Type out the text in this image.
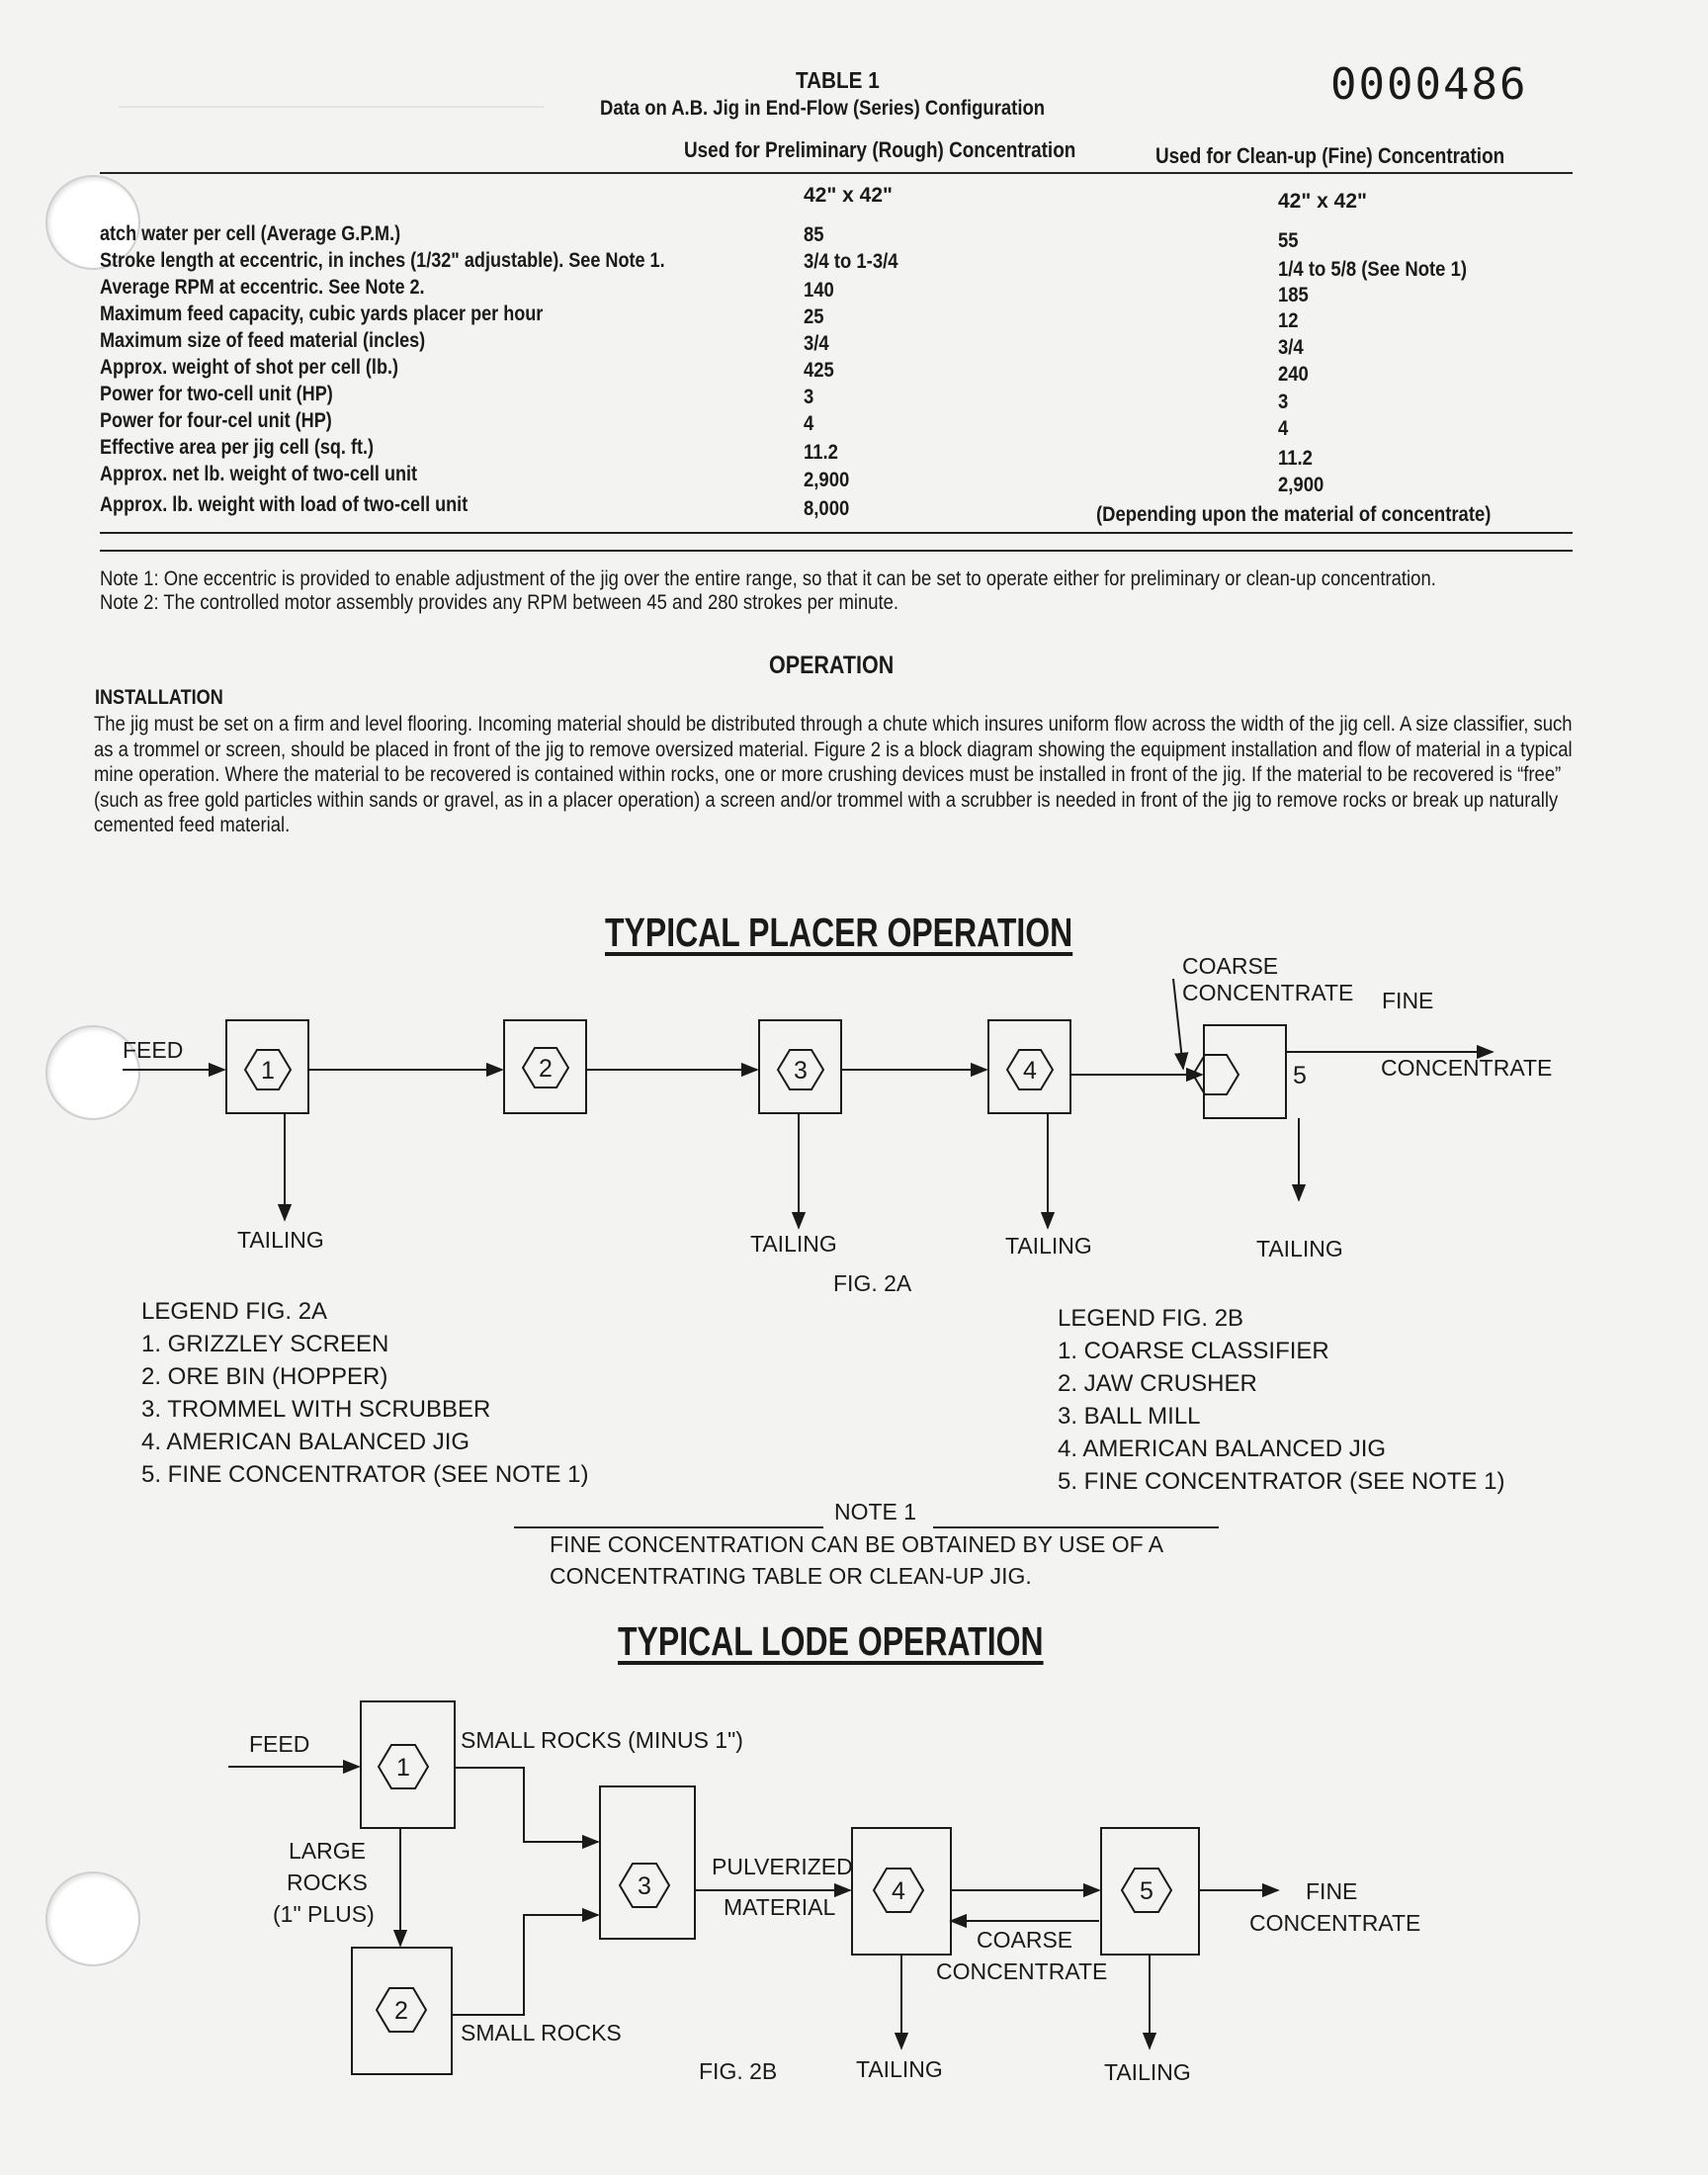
──────────────────────────────────────	0000486
TABLE 1
Data on A.B. Jig in End-Flow (Series) Configuration
Used for Preliminary (Rough) Concentration	Used for Clean-up (Fine) Concentration
42" x 42"	42" x 42"
atch water per cell (Average G.P.M.)	85	55
Stroke length at eccentric, in inches (1/32" adjustable). See Note 1.	3/4 to 1-3/4	1/4 to 5/8 (See Note 1)
Average RPM at eccentric. See Note 2.	140	185
Maximum feed capacity, cubic yards placer per hour	25	12
Maximum size of feed material (incles)	3/4	3/4
Approx. weight of shot per cell (lb.)	425	240
Power for two-cell unit (HP)	3	3
Power for four-cel unit (HP)	4	4
Effective area per jig cell (sq. ft.)	11.2	11.2
Approx. net lb. weight of two-cell unit	2,900	2,900
Approx. lb. weight with load of two-cell unit	8,000	(Depending upon the material of concentrate)
Note 1: One eccentric is provided to enable adjustment of the jig over the entire range, so that it can be set to operate either for preliminary or clean-up concentration.
Note 2: The controlled motor assembly provides any RPM between 45 and 280 strokes per minute.
OPERATION
INSTALLATION
The jig must be set on a firm and level flooring. Incoming material should be distributed through a chute which insures uniform flow across the width of the jig cell. A size classifier, such as a trommel or screen, should be placed in front of the jig to remove oversized material. Figure 2 is a block diagram showing the equipment installation and flow of material in a typical mine operation. Where the material to be recovered is contained within rocks, one or more crushing devices must be installed in front of the jig. If the material to be recovered is “free” (such as free gold particles within sands or gravel, as in a placer operation) a screen and/or trommel with a scrubber is needed in front of the jig to remove rocks or break up naturally cemented feed material.
TYPICAL PLACER OPERATION
1	2	3	4	5
FEED
COARSE
CONCENTRATE FINE
CONCENTRATE
TAILING	TAILING	TAILING	TAILING
FIG. 2A
LEGEND FIG. 2A
1. GRIZZLEY SCREEN
2. ORE BIN (HOPPER)
3. TROMMEL WITH SCRUBBER
4. AMERICAN BALANCED JIG
5. FINE CONCENTRATOR (SEE NOTE 1)
LEGEND FIG. 2B
1. COARSE CLASSIFIER
2. JAW CRUSHER
3. BALL MILL
4. AMERICAN BALANCED JIG
5. FINE CONCENTRATOR (SEE NOTE 1)
NOTE 1
FINE CONCENTRATION CAN BE OBTAINED BY USE OF A
CONCENTRATING TABLE OR CLEAN-UP JIG.
TYPICAL LODE OPERATION
1
2
3	4	5
FEED	SMALL ROCKS (MINUS 1")
LARGE
ROCKS
(1" PLUS)
SMALL ROCKS
PULVERIZED
MATERIAL
COARSE
CONCENTRATE
FINE
CONCENTRATE
TAILING	TAILING
FIG. 2B
